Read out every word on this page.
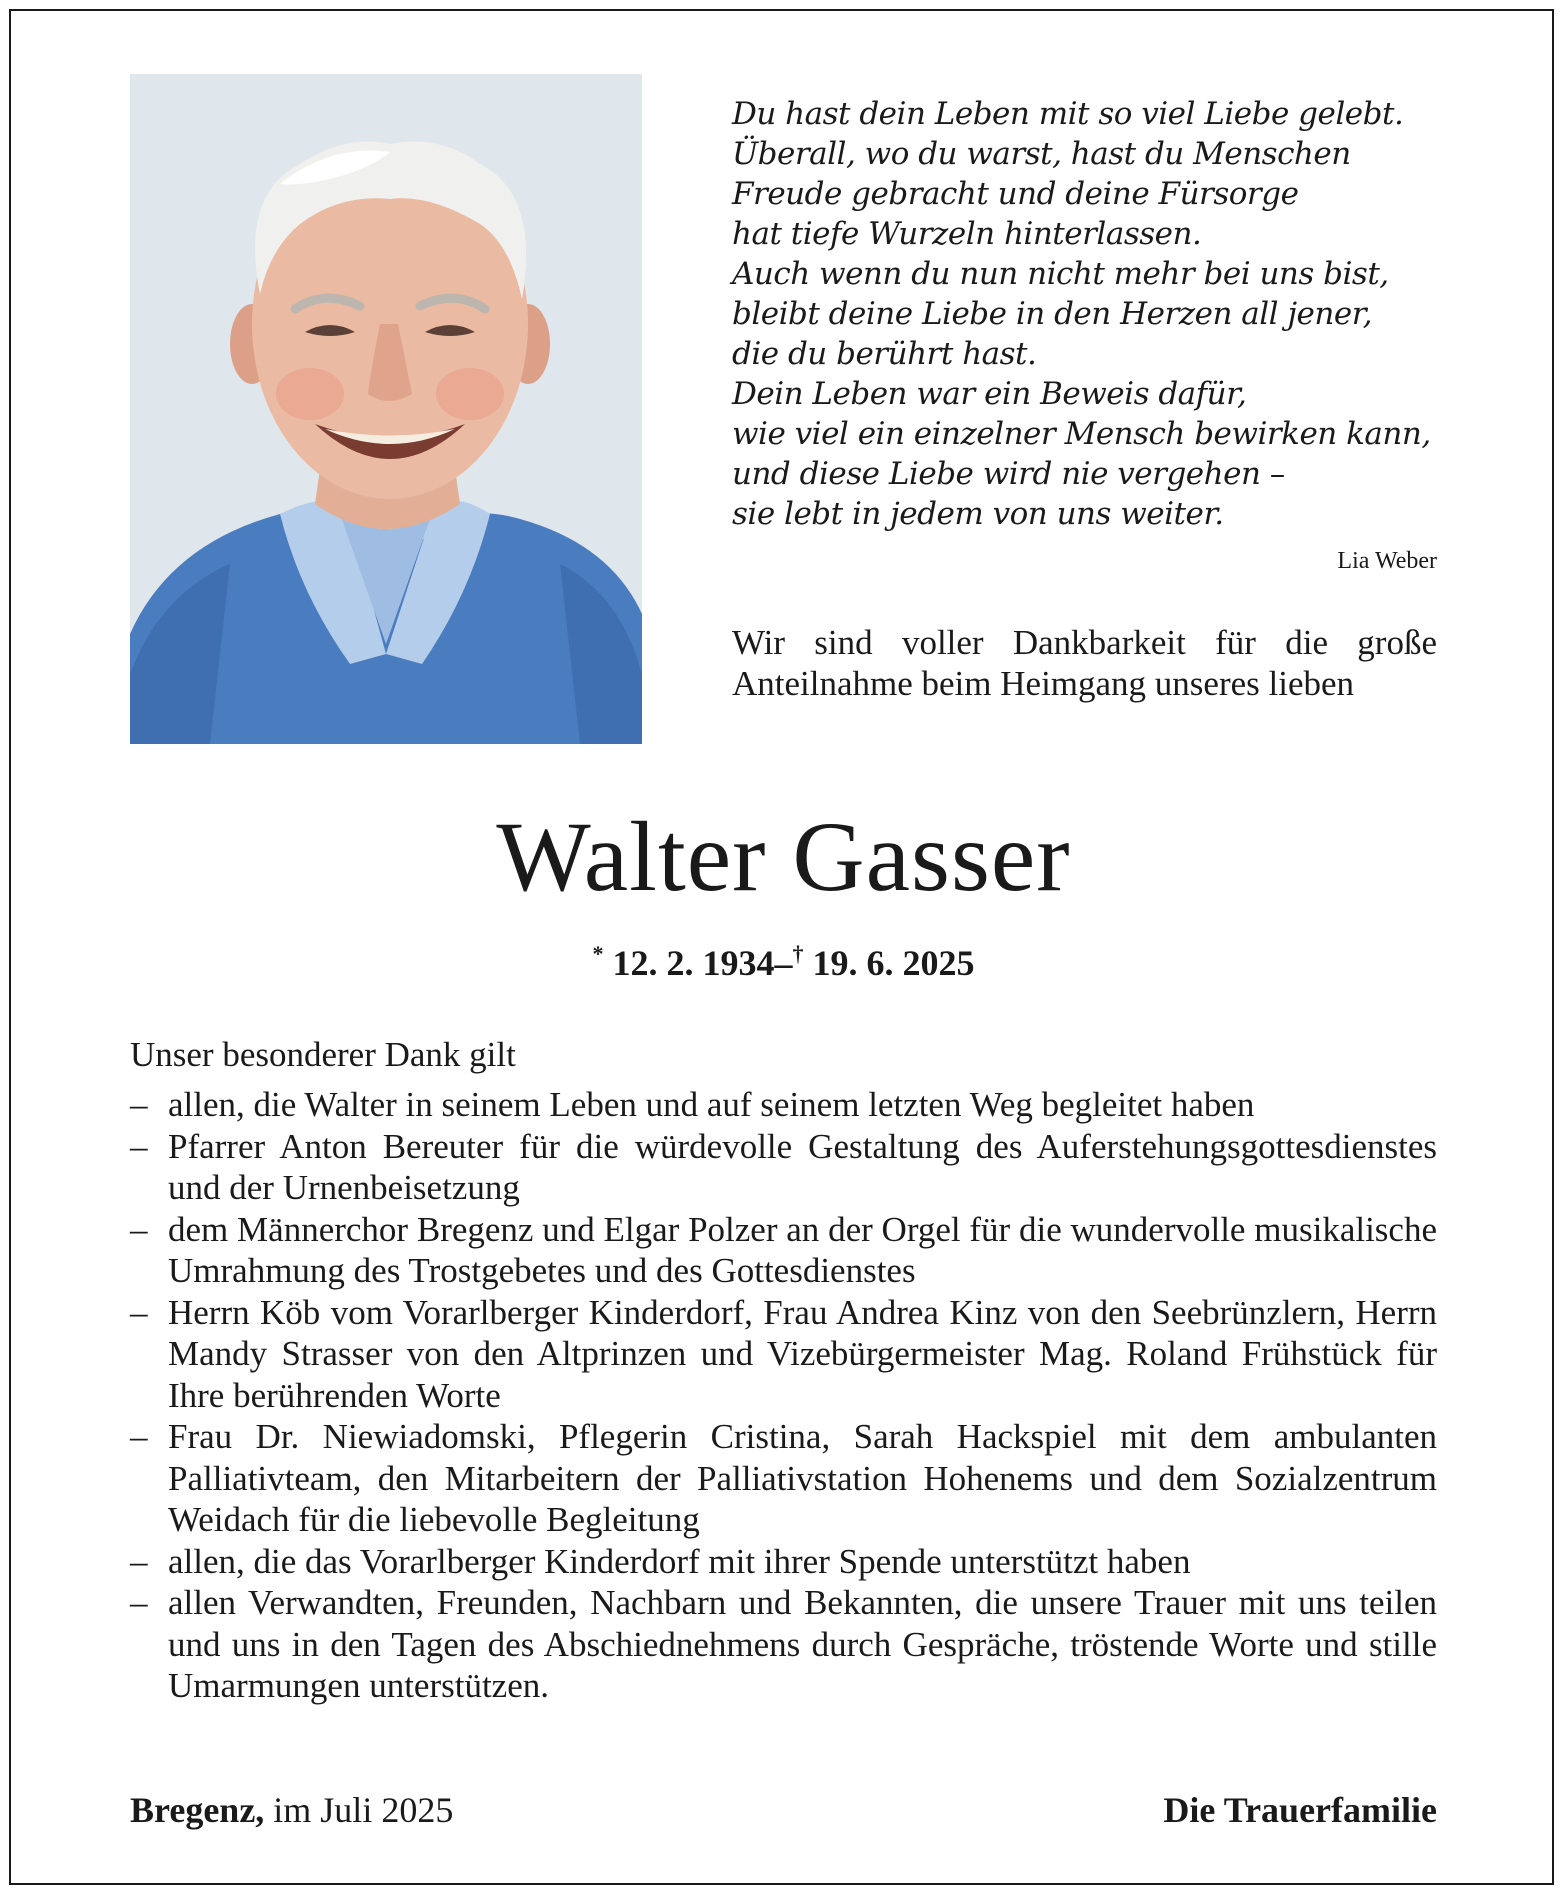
Du hast dein Leben mit so viel Liebe gelebt.
Überall, wo du warst, hast du Menschen
Freude gebracht und deine Fürsorge
hat tiefe Wurzeln hinterlassen.
Auch wenn du nun nicht mehr bei uns bist,
bleibt deine Liebe in den Herzen all jener,
die du berührt hast.
Dein Leben war ein Beweis dafür,
wie viel ein einzelner Mensch bewirken kann,
und diese Liebe wird nie vergehen –
sie lebt in jedem von uns weiter.
Lia Weber
Wir sind voller Dankbarkeit für die große Anteilnahme beim Heimgang unseres lieben
Walter Gasser
* 12. 2. 1934–† 19. 6. 2025
Unser besonderer Dank gilt
– allen, die Walter in seinem Leben und auf seinem letzten Weg begleitet haben
– Pfarrer Anton Bereuter für die würdevolle Gestaltung des Auferstehungsgottesdienstes und der Urnenbeisetzung
– dem Männerchor Bregenz und Elgar Polzer an der Orgel für die wundervolle musikalische Umrahmung des Trostgebetes und des Gottesdienstes
– Herrn Köb vom Vorarlberger Kinderdorf, Frau Andrea Kinz von den Seebrünzlern, Herrn Mandy Strasser von den Altprinzen und Vizebürgermeister Mag. Roland Frühstück für Ihre berührenden Worte
– Frau Dr. Niewiadomski, Pflegerin Cristina, Sarah Hackspiel mit dem ambulanten Palliativteam, den Mitarbeitern der Palliativstation Hohenems und dem Sozialzentrum Weidach für die liebevolle Begleitung
– allen, die das Vorarlberger Kinderdorf mit ihrer Spende unterstützt haben
– allen Verwandten, Freunden, Nachbarn und Bekannten, die unsere Trauer mit uns teilen und uns in den Tagen des Abschiednehmens durch Gespräche, tröstende Worte und stille Umarmungen unterstützen.
Bregenz, im Juli 2025	Die Trauerfamilie
